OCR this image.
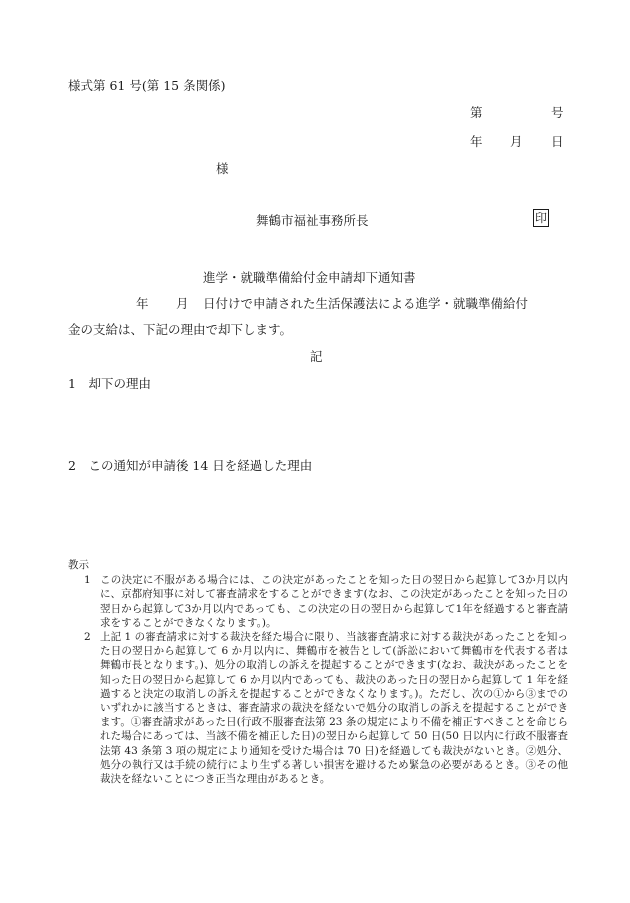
様式第 61 号(第 15 条関係)
第	号
年 月 日
様
舞鶴市福祉事務所長	印
進学・就職準備給付金申請却下通知書
年 月 日付けで申請された生活保護法による進学・就職準備給付
金の支給は、下記の理由で却下します。
記
1　却下の理由
2　この通知が申請後 14 日を経過した理由
教示
1 この決定に不服がある場合には、この決定があったことを知った日の翌日から起算して3か月以内に、京都府知事に対して審査請求をすることができます(なお、この決定があったことを知った日の翌日から起算して3か月以内であっても、この決定の日の翌日から起算して1年を経過すると審査請求をすることができなくなります。)。
2 上記 1 の審査請求に対する裁決を経た場合に限り、当該審査請求に対する裁決があったことを知った日の翌日から起算して 6 か月以内に、舞鶴市を被告として(訴訟において舞鶴市を代表する者は舞鶴市長となります。)、処分の取消しの訴えを提起することができます(なお、裁決があったことを知った日の翌日から起算して 6 か月以内であっても、裁決のあった日の翌日から起算して 1 年を経過すると決定の取消しの訴えを提起することができなくなります。)。ただし、次の①から③までのいずれかに該当するときは、審査請求の裁決を経ないで処分の取消しの訴えを提起することができます。①審査請求があった日(行政不服審査法第 23 条の規定により不備を補正すべきことを命じられた場合にあっては、当該不備を補正した日)の翌日から起算して 50 日(50 日以内に行政不服審査法第 43 条第 3 項の規定により通知を受けた場合は 70 日)を経過しても裁決がないとき。②処分、処分の執行又は手続の続行により生ずる著しい損害を避けるため緊急の必要があるとき。③その他裁決を経ないことにつき正当な理由があるとき。
